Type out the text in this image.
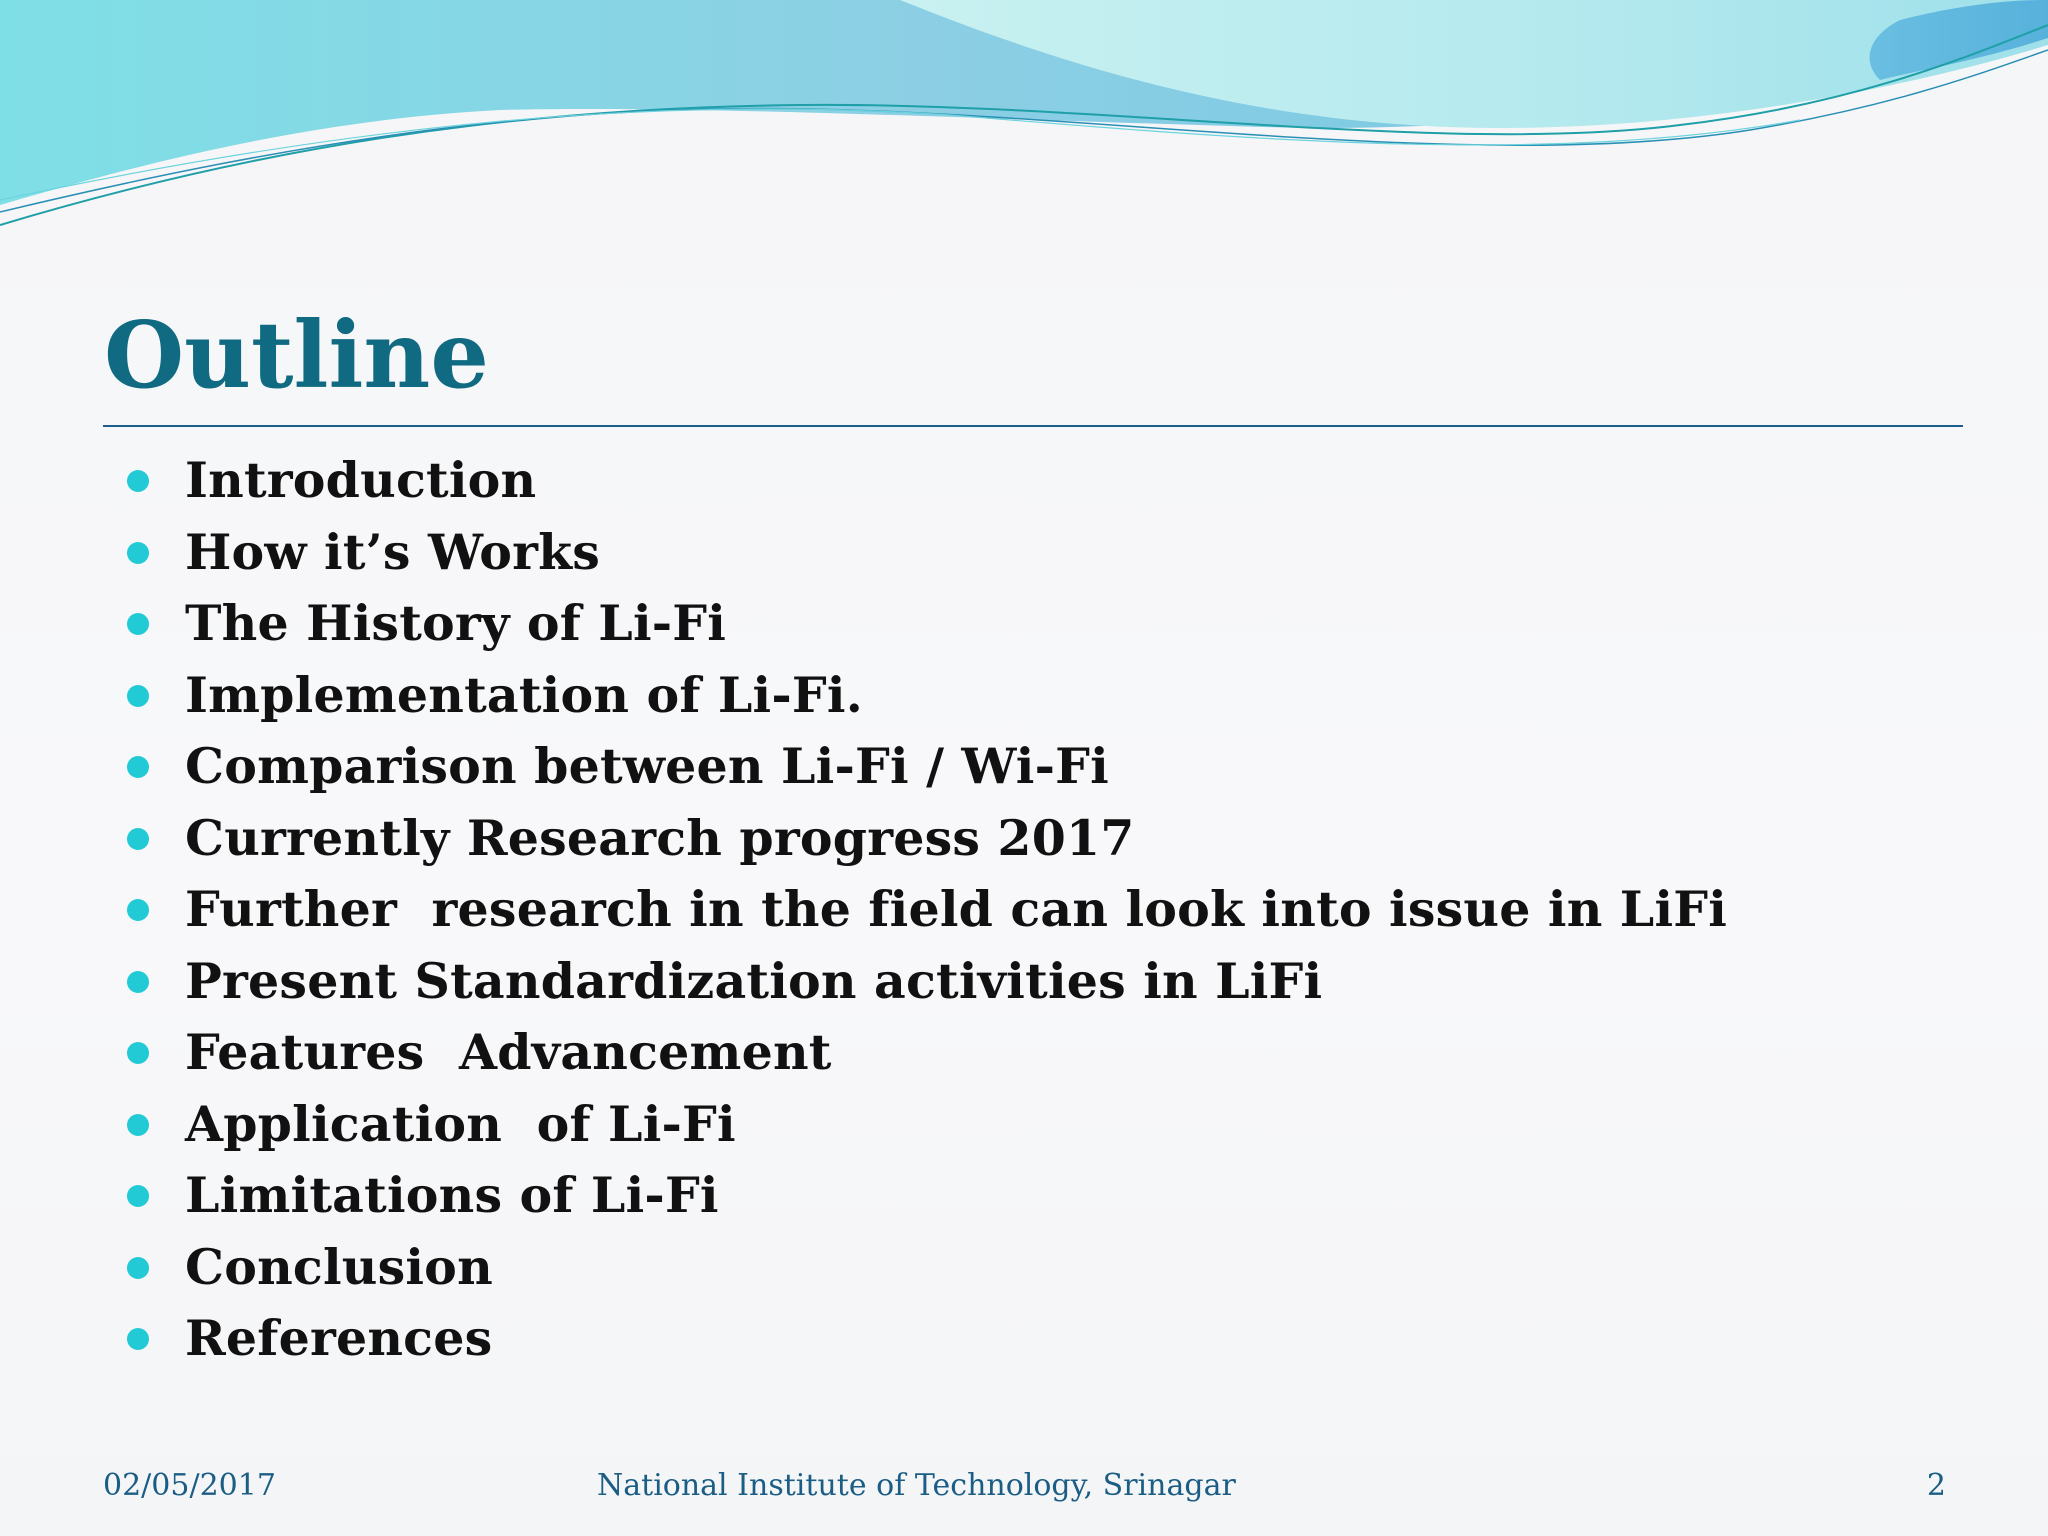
Outline
Introduction
How it’s Works
The History of Li-Fi
Implementation of Li-Fi.
Comparison between Li-Fi / Wi-Fi
Currently Research progress 2017
Further  research in the field can look into issue in LiFi
Present Standardization activities in LiFi
Features  Advancement
Application  of Li-Fi
Limitations of Li-Fi
Conclusion
References
02/05/2017	National Institute of Technology, Srinagar	2
